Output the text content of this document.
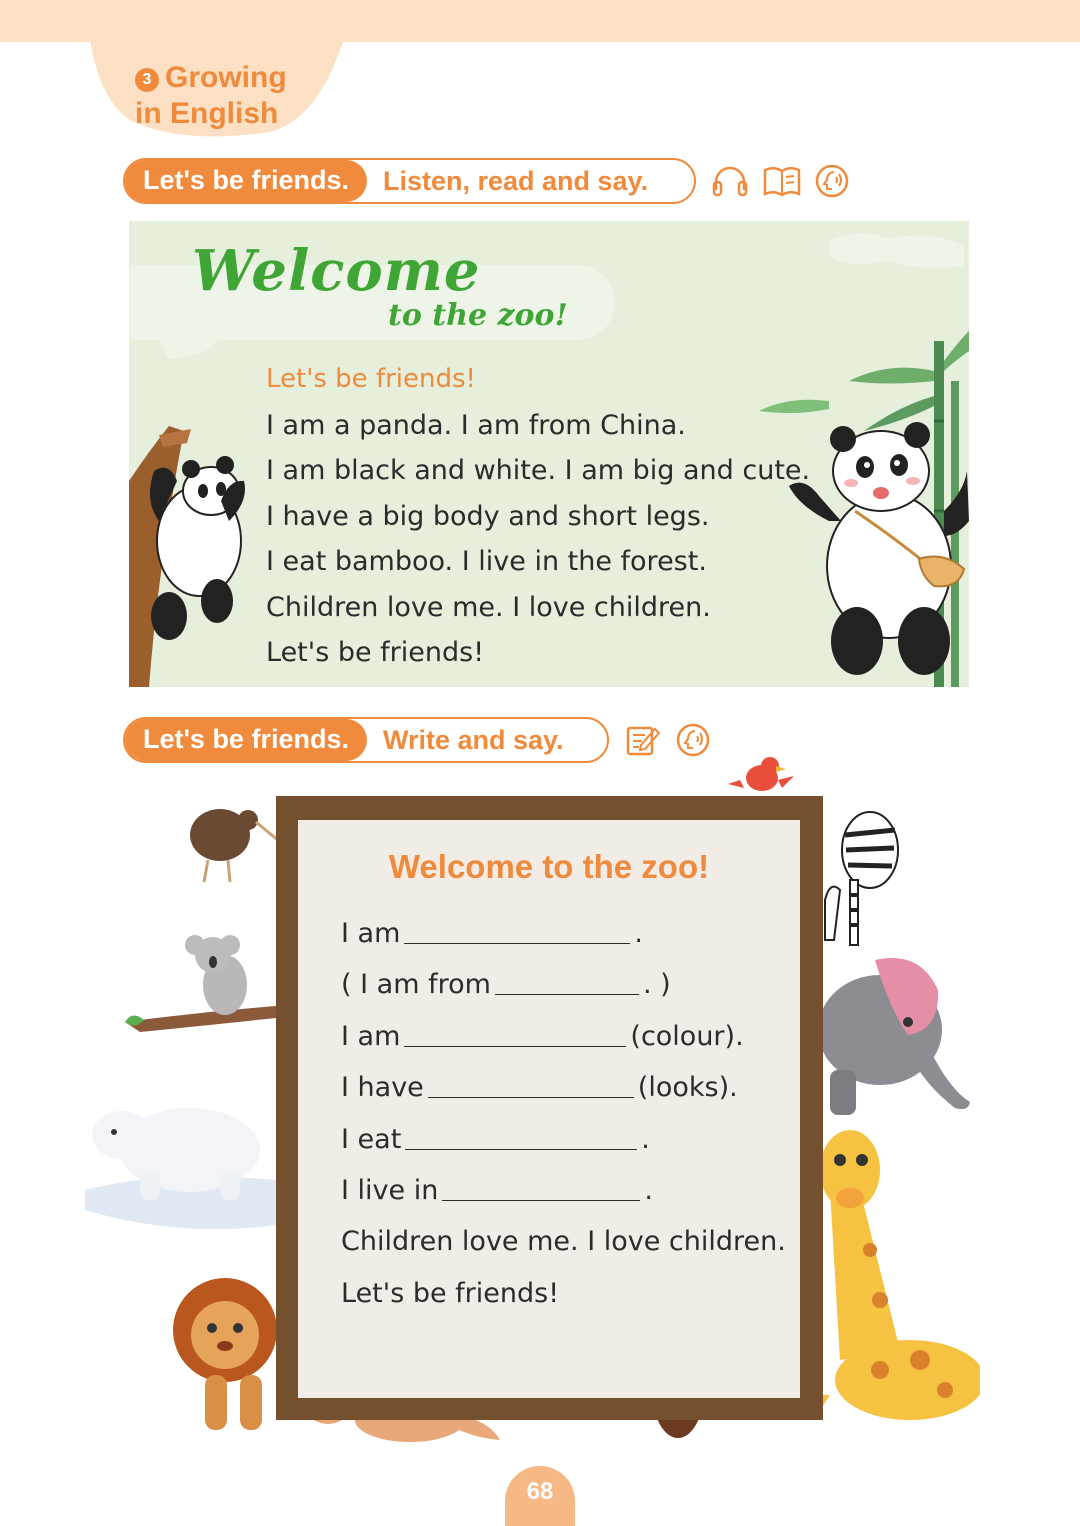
3 Growing
in English
Let's be friends.	Listen, read and say.
Welcome
to the zoo!
Let's be friends!
I am a panda. I am from China.
I am black and white. I am big and cute.
I have a big body and short legs.
I eat bamboo. I live in the forest.
Children love me. I love children.
Let's be friends!
Let's be friends.	Write and say.
Welcome to the zoo!
I am	.
( I am from	. )
I am	(colour).
I have	(looks).
I eat	.
I live in	.
Children love me. I love children.
Let's be friends!
68
